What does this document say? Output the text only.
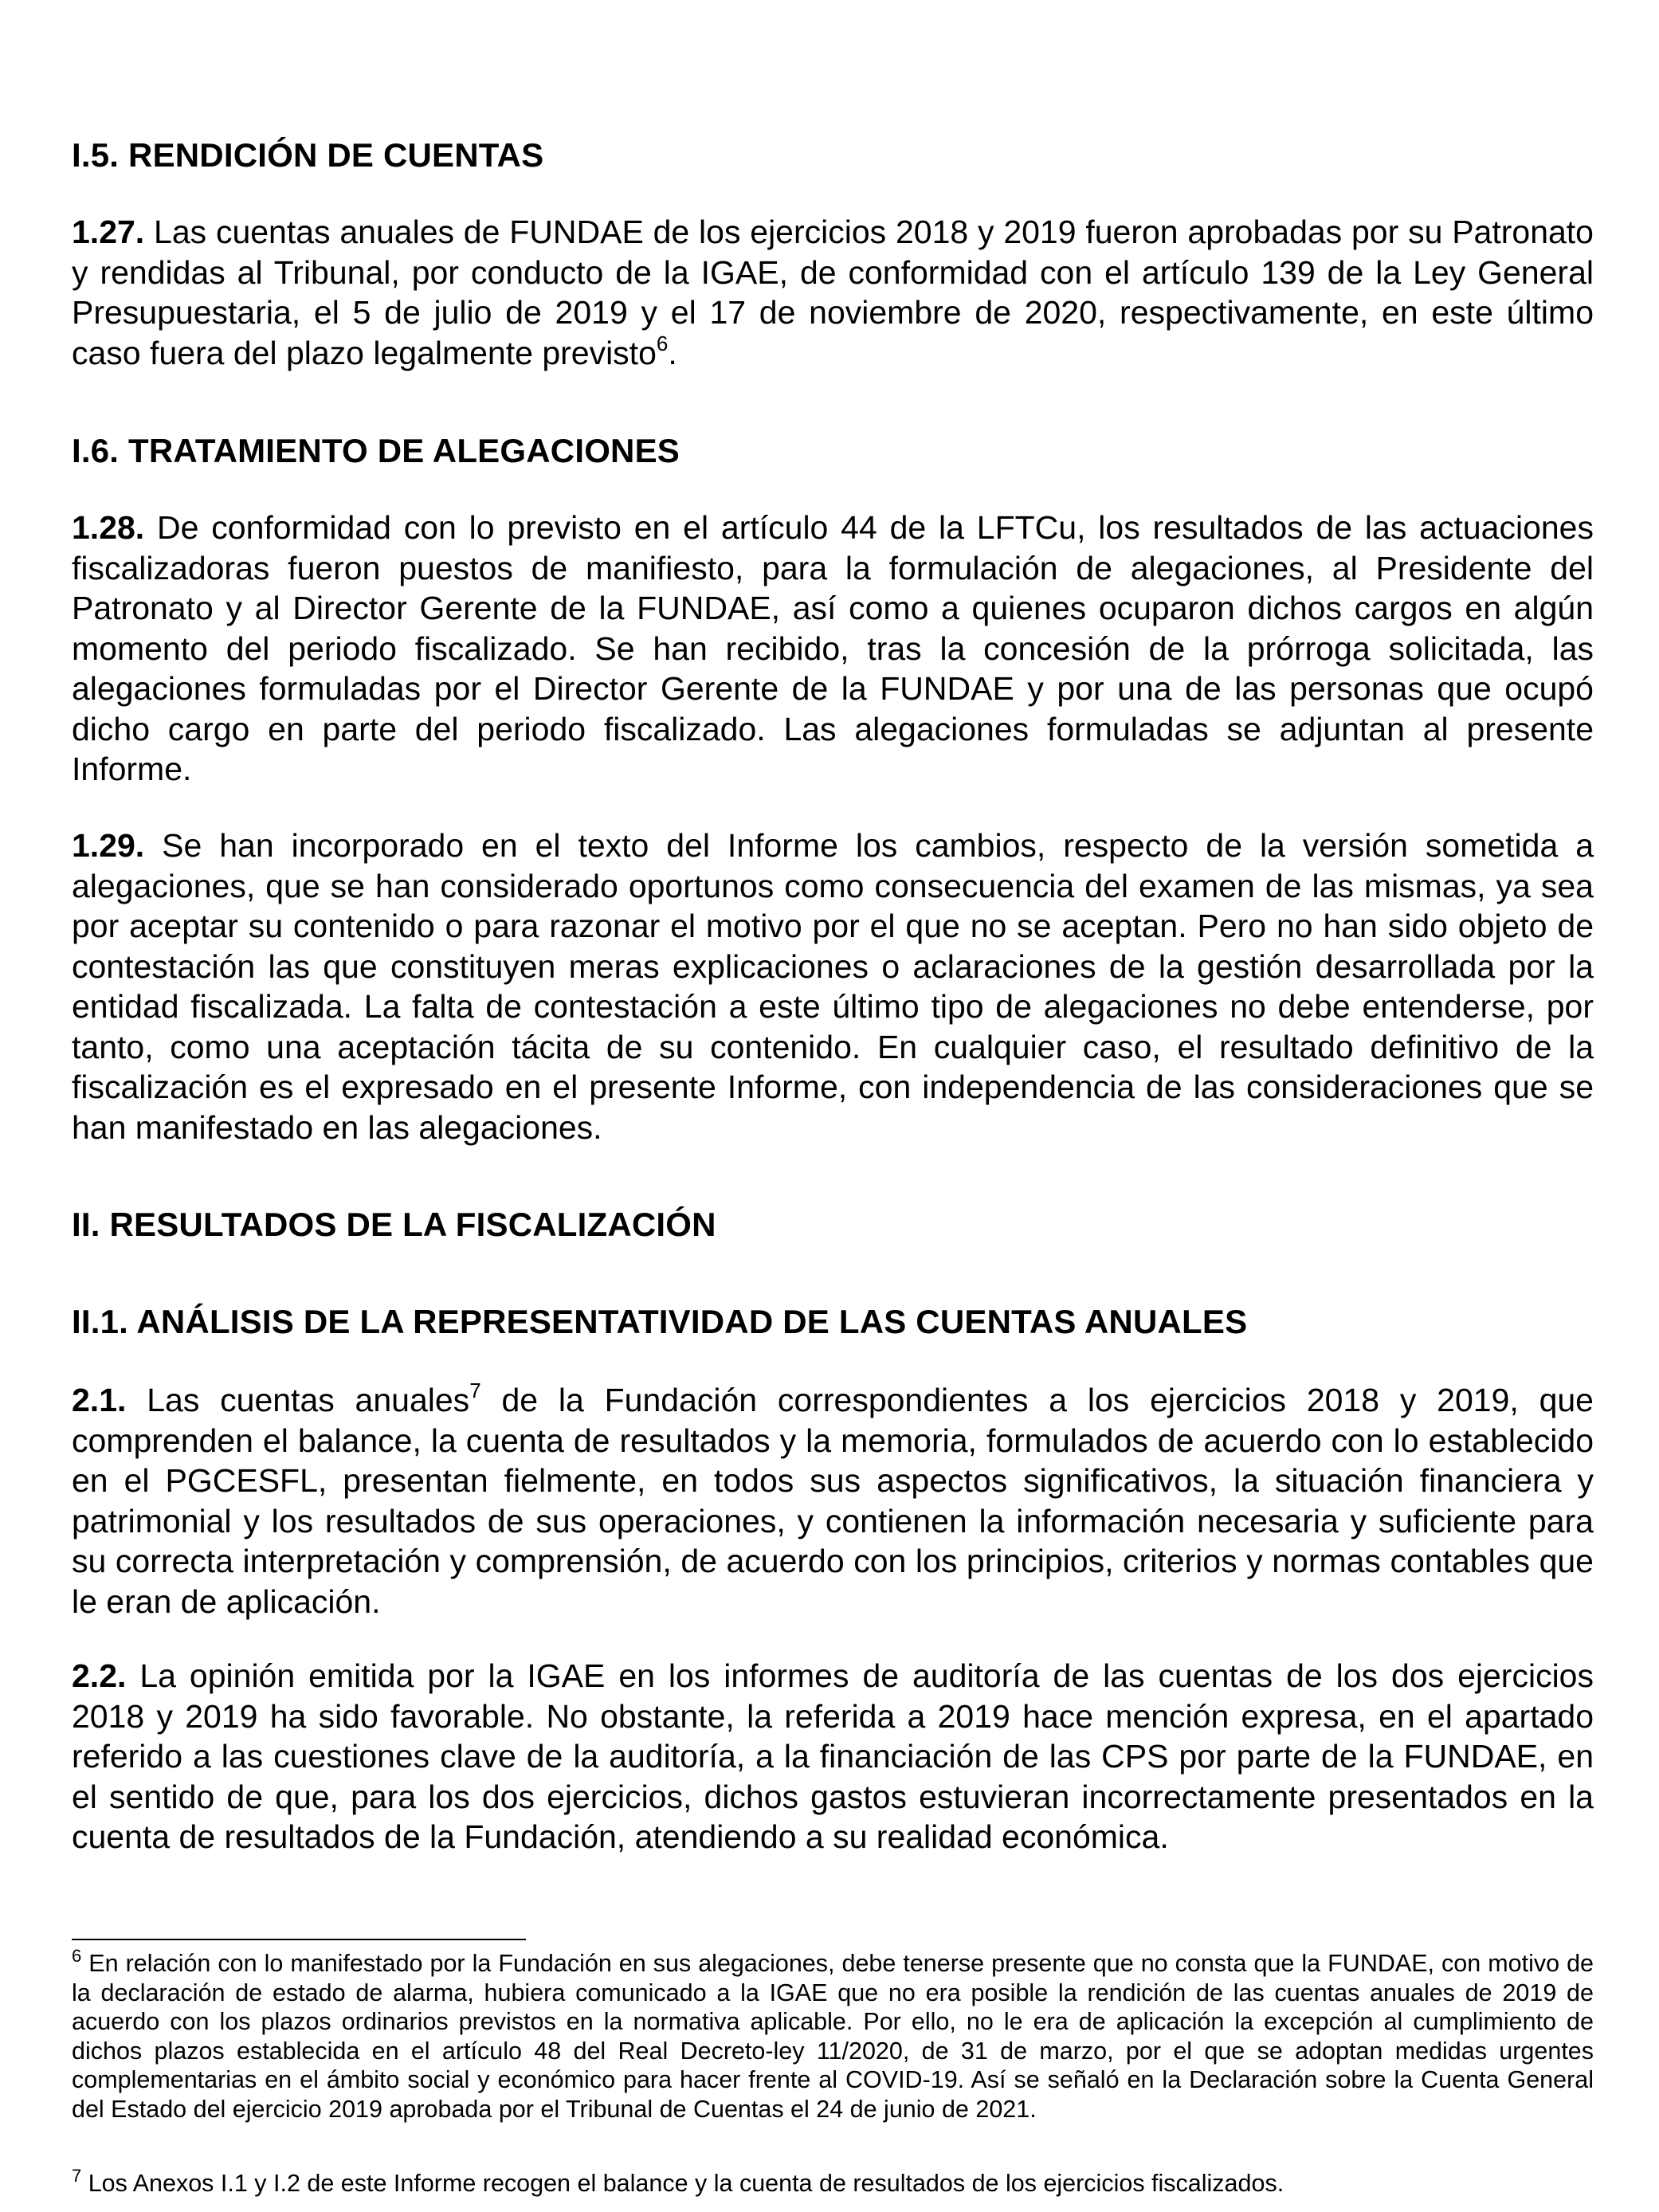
I.5. RENDICIÓN DE CUENTAS

1.27. Las cuentas anuales de FUNDAE de los ejercicios 2018 y 2019 fueron aprobadas por su Patronato y rendidas al Tribunal, por conducto de la IGAE, de conformidad con el artículo 139 de la Ley General Presupuestaria, el 5 de julio de 2019 y el 17 de noviembre de 2020, respectivamente, en este último caso fuera del plazo legalmente previsto$^6$.

I.6. TRATAMIENTO DE ALEGACIONES

1.28. De conformidad con lo previsto en el artículo 44 de la LFTCu, los resultados de las actuaciones fiscalizadoras fueron puestos de manifiesto, para la formulación de alegaciones, al Presidente del Patronato y al Director Gerente de la FUNDAE, así como a quienes ocuparon dichos cargos en algún momento del periodo fiscalizado. Se han recibido, tras la concesión de la prórroga solicitada, las alegaciones formuladas por el Director Gerente de la FUNDAE y por una de las personas que ocupó dicho cargo en parte del periodo fiscalizado. Las alegaciones formuladas se adjuntan al presente Informe.

1.29. Se han incorporado en el texto del Informe los cambios, respecto de la versión sometida a alegaciones, que se han considerado oportunos como consecuencia del examen de las mismas, ya sea por aceptar su contenido o para razonar el motivo por el que no se aceptan. Pero no han sido objeto de contestación las que constituyen meras explicaciones o aclaraciones de la gestión desarrollada por la entidad fiscalizada. La falta de contestación a este último tipo de alegaciones no debe entenderse, por tanto, como una aceptación tácita de su contenido. En cualquier caso, el resultado definitivo de la fiscalización es el expresado en el presente Informe, con independencia de las consideraciones que se han manifestado en las alegaciones.

II. RESULTADOS DE LA FISCALIZACIÓN
II.1. ANÁLISIS DE LA REPRESENTATIVIDAD DE LAS CUENTAS ANUALES

2.1. Las cuentas anuales$^7$ de la Fundación correspondientes a los ejercicios 2018 y 2019, que comprenden el balance, la cuenta de resultados y la memoria, formulados de acuerdo con lo establecido en el PGCESFL, presentan fielmente, en todos sus aspectos significativos, la situación financiera y patrimonial y los resultados de sus operaciones, y contienen la información necesaria y suficiente para su correcta interpretación y comprensión, de acuerdo con los principios, criterios y normas contables que le eran de aplicación.

2.2. La opinión emitida por la IGAE en los informes de auditoría de las cuentas de los dos ejercicios 2018 y 2019 ha sido favorable. No obstante, la referida a 2019 hace mención expresa, en el apartado referido a las cuestiones clave de la auditoría, a la financiación de las CPS por parte de la FUNDAE, en el sentido de que, para los dos ejercicios, dichos gastos estuvieran incorrectamente presentados en la cuenta de resultados de la Fundación, atendiendo a su realidad económica.

$^6$ En relación con lo manifestado por la Fundación en sus alegaciones, debe tenerse presente que no consta que la FUNDAE, con motivo de la declaración de estado de alarma, hubiera comunicado a la IGAE que no era posible la rendición de las cuentas anuales de 2019 de acuerdo con los plazos ordinarios previstos en la normativa aplicable. Por ello, no le era de aplicación la excepción al cumplimiento de dichos plazos establecida en el artículo 48 del Real Decreto-ley 11/2020, de 31 de marzo, por el que se adoptan medidas urgentes complementarias en el ámbito social y económico para hacer frente al COVID-19. Así se señaló en la Declaración sobre la Cuenta General del Estado del ejercicio 2019 aprobada por el Tribunal de Cuentas el 24 de junio de 2021.

$^7$ Los Anexos I.1 y I.2 de este Informe recogen el balance y la cuenta de resultados de los ejercicios fiscalizados.
